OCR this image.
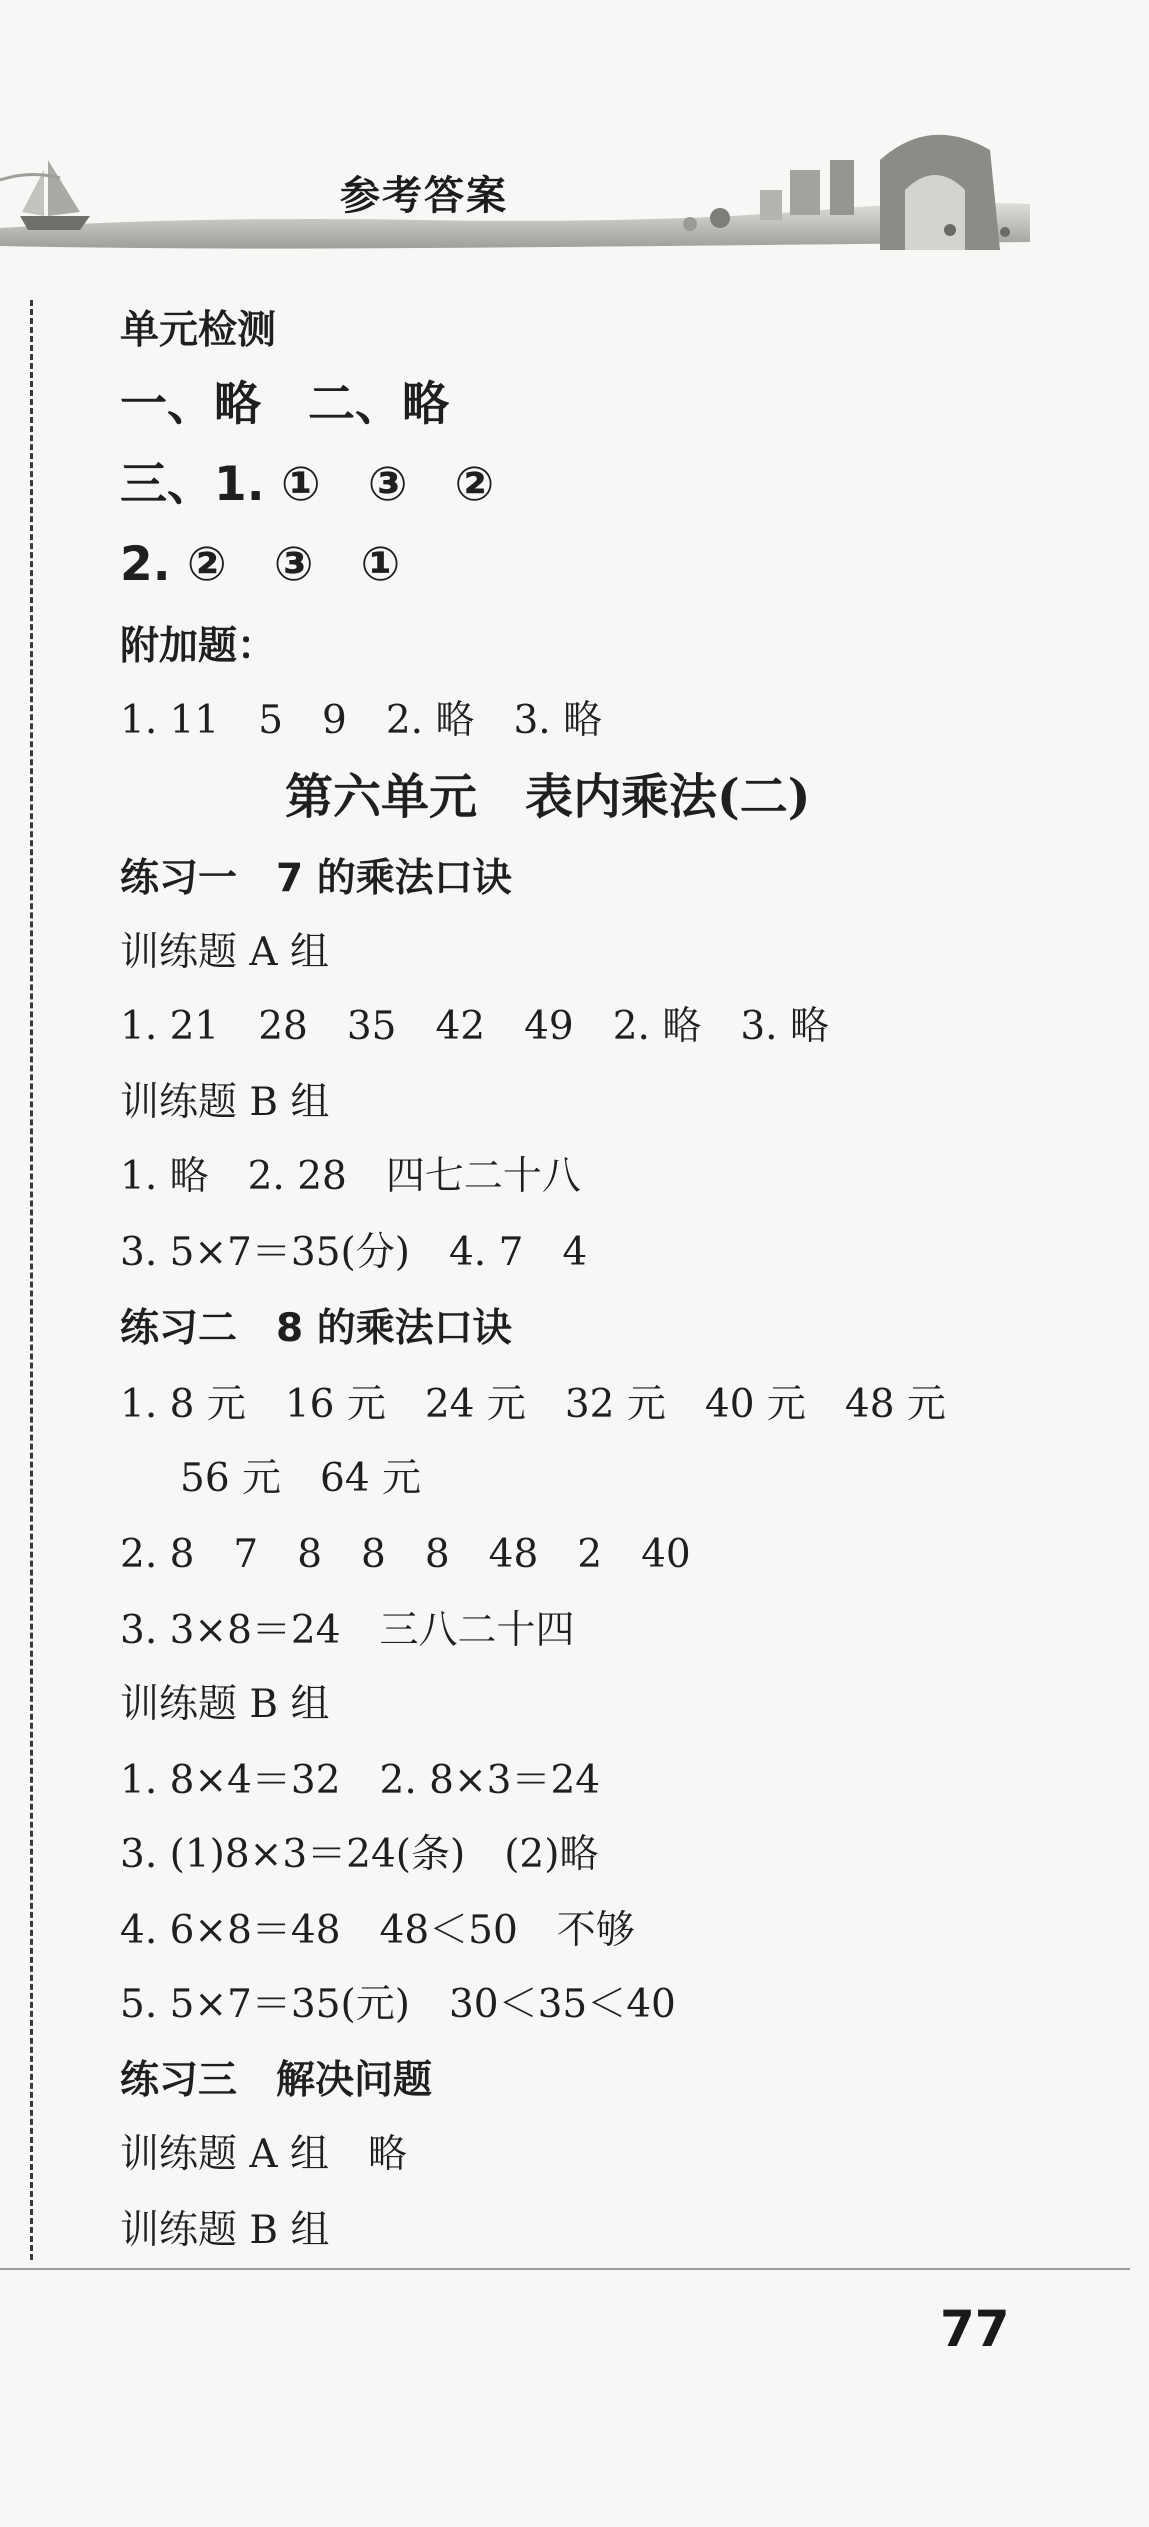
参考答案
单元检测
一、略　二、略
三、1. ①　③　②
2. ②　③　①
附加题：
1. 11　5　9　2. 略　3. 略
第六单元　表内乘法(二)
练习一　7 的乘法口诀
训练题 A 组
1. 21　28　35　42　49　2. 略　3. 略
训练题 B 组
1. 略　2. 28　四七二十八
3. 5×7＝35(分)　4. 7　4
练习二　8 的乘法口诀
1. 8 元　16 元　24 元　32 元　40 元　48 元
56 元　64 元
2. 8　7　8　8　8　48　2　40
3. 3×8＝24　三八二十四
训练题 B 组
1. 8×4＝32　2. 8×3＝24
3. (1)8×3＝24(条)　(2)略
4. 6×8＝48　48＜50　不够
5. 5×7＝35(元)　30＜35＜40
练习三　解决问题
训练题 A 组　略
训练题 B 组
77
